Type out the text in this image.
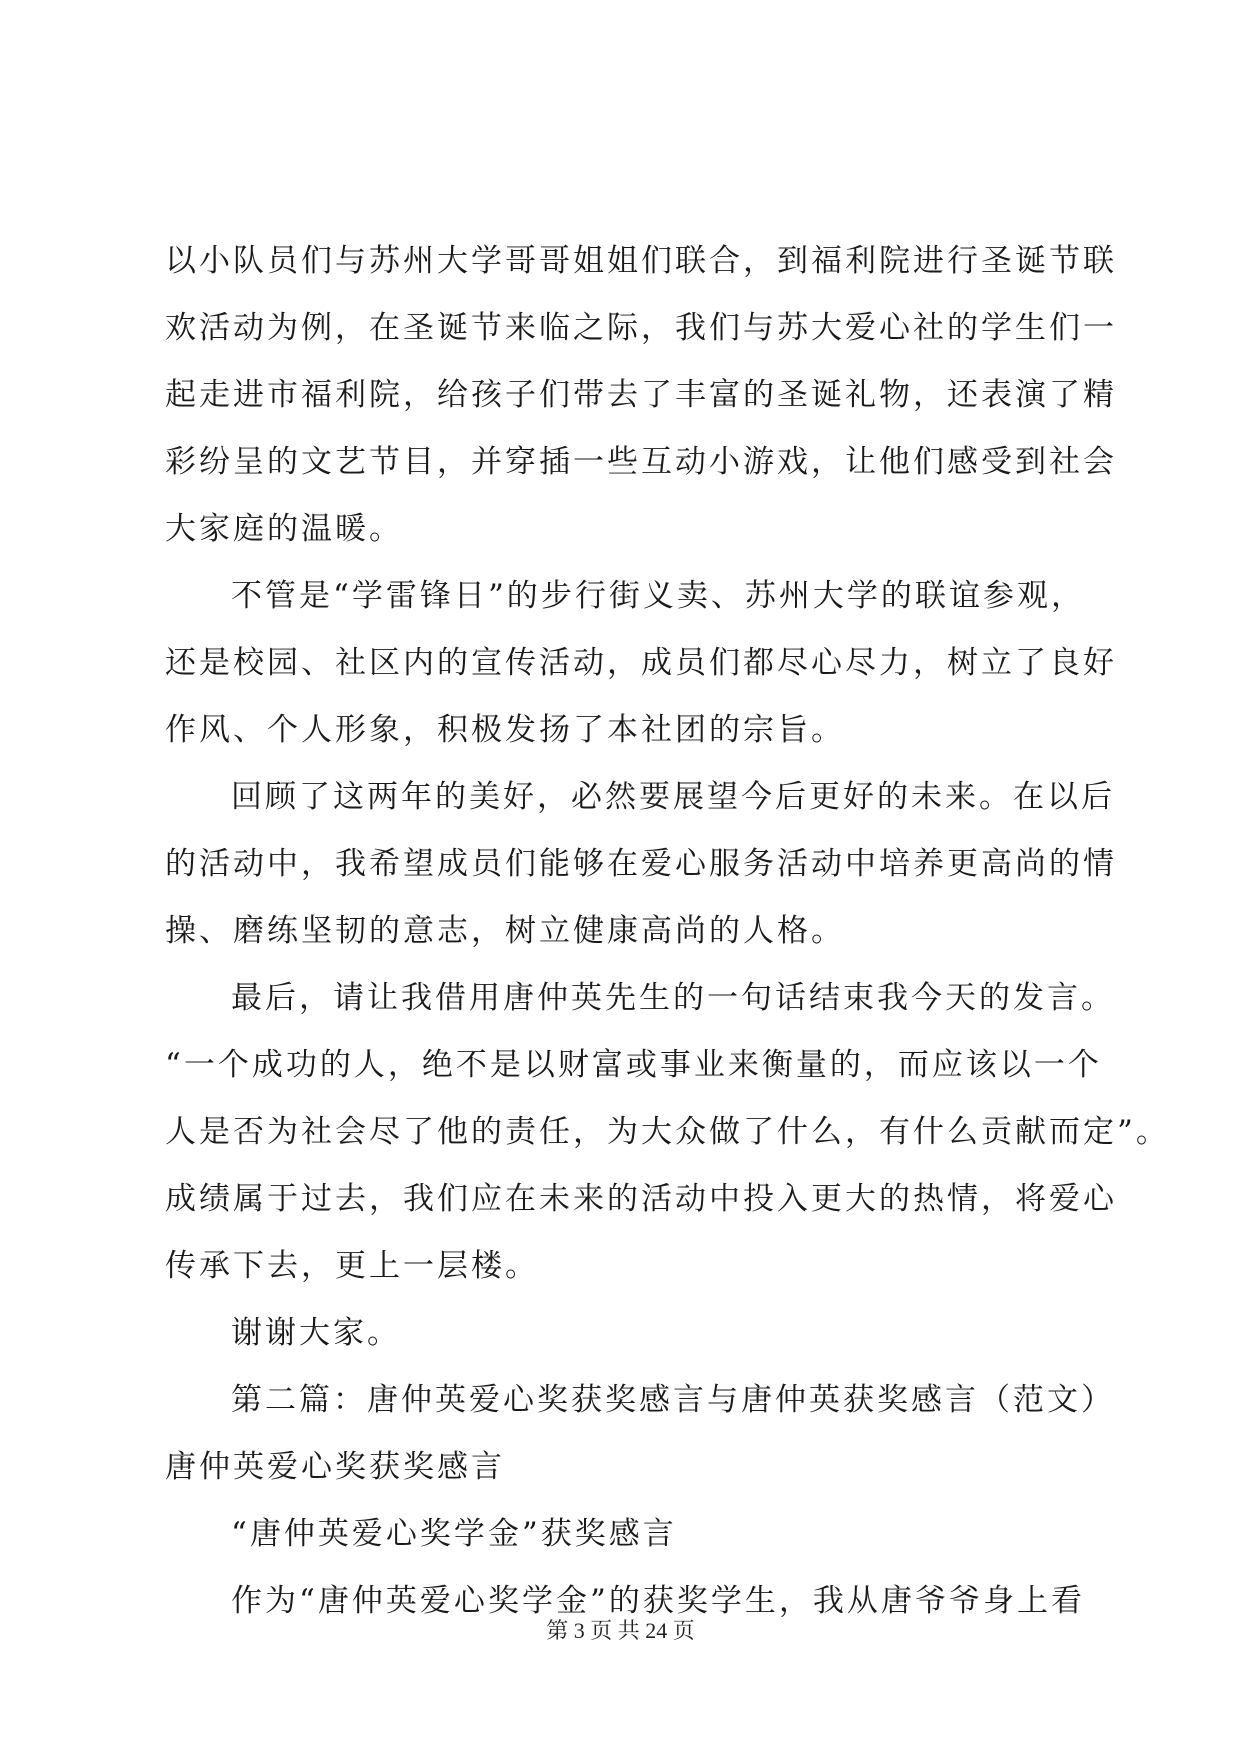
以小队员们与苏州大学哥哥姐姐们联合，到福利院进行圣诞节联
欢活动为例，在圣诞节来临之际，我们与苏大爱心社的学生们一
起走进市福利院，给孩子们带去了丰富的圣诞礼物，还表演了精
彩纷呈的文艺节目，并穿插一些互动小游戏，让他们感受到社会
大家庭的温暖。
不管是“学雷锋日”的步行街义卖、苏州大学的联谊参观，
还是校园、社区内的宣传活动，成员们都尽心尽力，树立了良好
作风、个人形象，积极发扬了本社团的宗旨。
回顾了这两年的美好，必然要展望今后更好的未来。在以后
的活动中，我希望成员们能够在爱心服务活动中培养更高尚的情
操、磨练坚韧的意志，树立健康高尚的人格。
最后，请让我借用唐仲英先生的一句话结束我今天的发言。
“一个成功的人，绝不是以财富或事业来衡量的，而应该以一个
人是否为社会尽了他的责任，为大众做了什么，有什么贡献而定”。
成绩属于过去，我们应在未来的活动中投入更大的热情，将爱心
传承下去，更上一层楼。
谢谢大家。
第二篇：唐仲英爱心奖获奖感言与唐仲英获奖感言（范文）
唐仲英爱心奖获奖感言
“唐仲英爱心奖学金”获奖感言
作为“唐仲英爱心奖学金”的获奖学生，我从唐爷爷身上看
第 3 页 共 24 页
